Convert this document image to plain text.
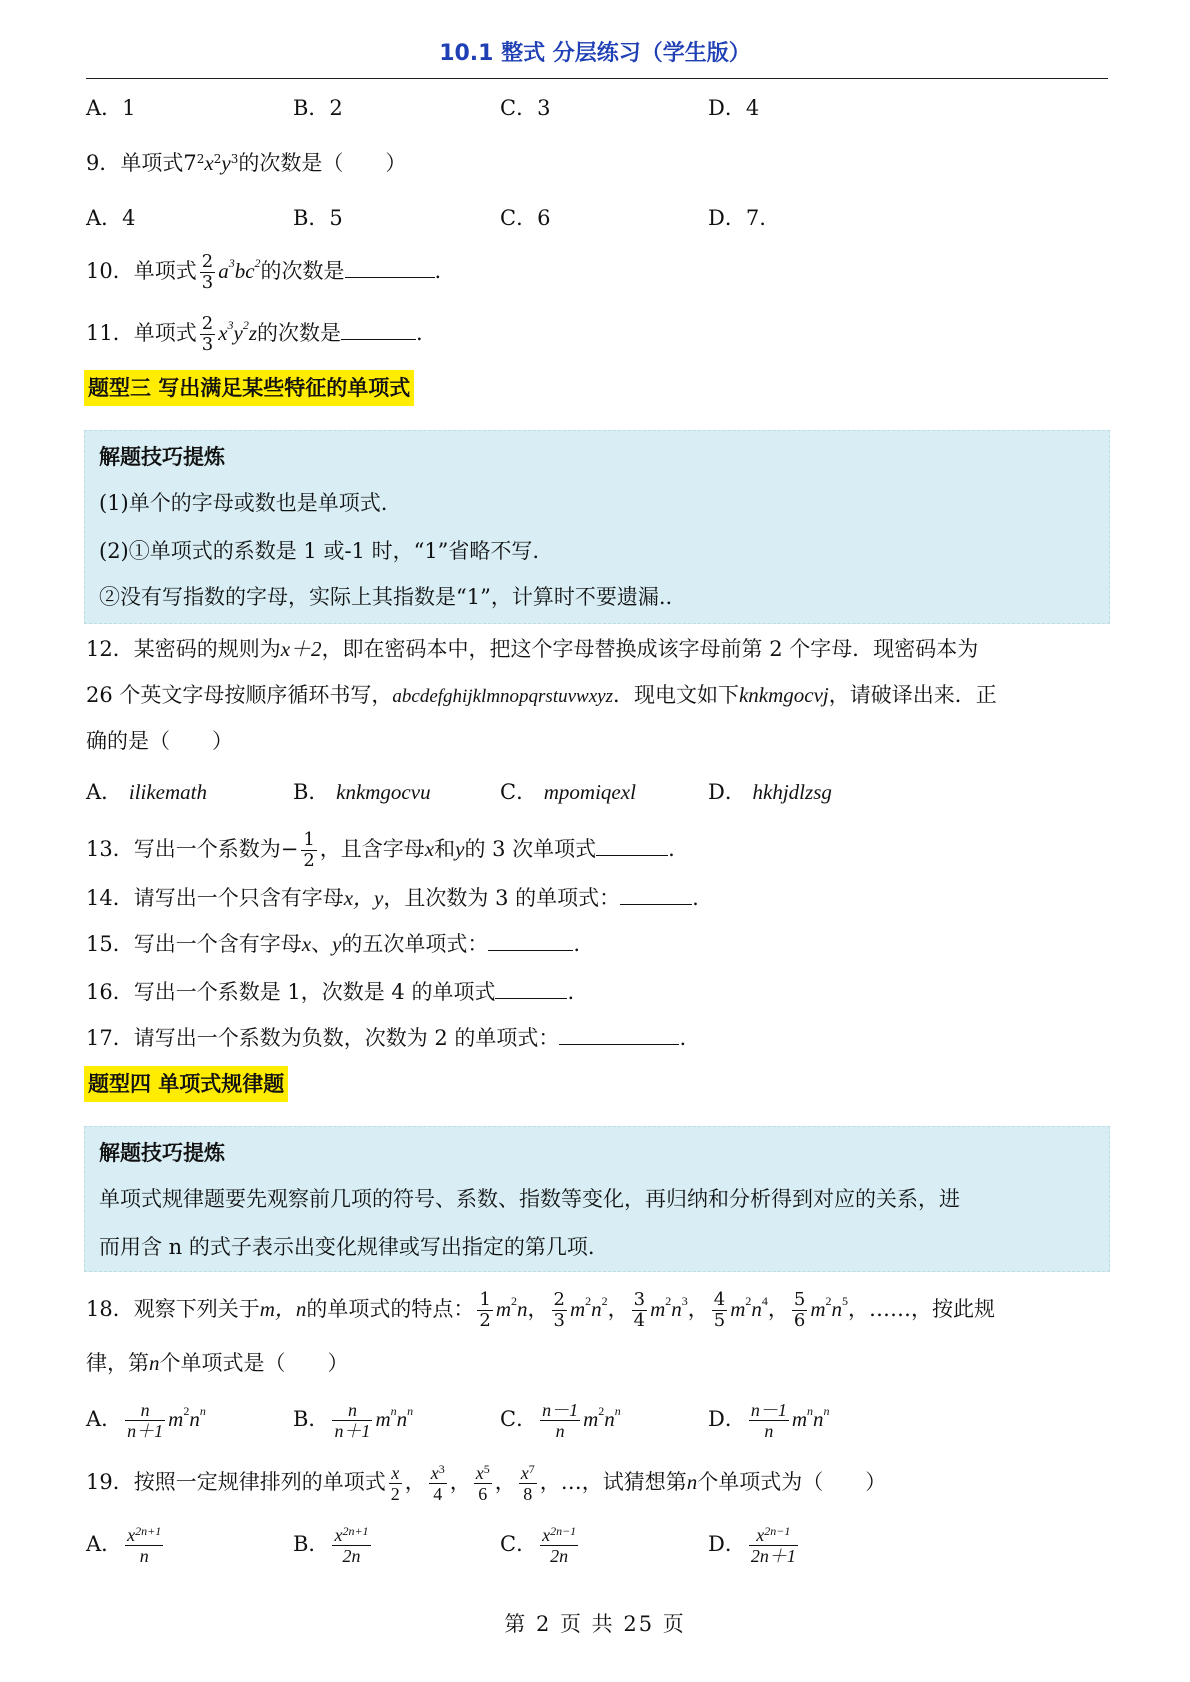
10.1 整式 分层练习（学生版）
A．1	B．2	C．3	D．4
9．单项式$7^2x^2y^3$的次数是（　　）
A．4	B．5	C．6	D．7.
10．单项式 $\frac{2}{3} a^3bc^2$的次数是	.
11．单项式 $\frac{2}{3} x^3y^2z$的次数是	.
题型三 写出满足某些特征的单项式
解题技巧提炼
(1)单个的字母或数也是单项式.
(2)①单项式的系数是 1 或-1 时，“1”省略不写.
②没有写指数的字母，实际上其指数是“1”，计算时不要遗漏..
12．某密码的规则为x＋2，即在密码本中，把这个字母替换成该字母前第 2 个字母．现密码本为
26 个英文字母按顺序循环书写，abcdefghijklmnopqrstuvwxyz．现电文如下knkmgocvj，请破译出来．正
确的是（　　）
A． ilikemath	B． knkmgocvu	C． mpomiqexl	D． hkhjdlzsg
13．写出一个系数为− $\frac{1}{2}$ ，且含字母x和y的 3 次单项式	.
14．请写出一个只含有字母x，y，且次数为 3 的单项式：	.
15．写出一个含有字母x、y的五次单项式：	.
16．写出一个系数是 1，次数是 4 的单项式	.
17．请写出一个系数为负数，次数为 2 的单项式：	.
题型四 单项式规律题
解题技巧提炼
单项式规律题要先观察前几项的符号、系数、指数等变化，再归纳和分析得到对应的关系，进
而用含 n 的式子表示出变化规律或写出指定的第几项.
18．观察下列关于m，n的单项式的特点： $\frac{1}{2} m^2n$， $\frac{2}{3} m^2n^2$， $\frac{3}{4} m^2n^3$， $\frac{4}{5} m^2n^4$， $\frac{5}{6} m^2n^5$，……，按此规
律，第n个单项式是（　　）
A． $\frac{n}{n+1} m^2n^n$	B． $\frac{n}{n+1} m^nn^n$	C． $\frac{n-1}{n} m^2n^n$	D． $\frac{n-1}{n} m^nn^n$
19．按照一定规律排列的单项式 $\frac{x}{2}$ ， $\frac{x^3}{4}$ ， $\frac{x^5}{6}$ ， $\frac{x^7}{8}$ ，…，试猜想第n个单项式为（　　）
A． $\frac{x^{2n+1}}{n}$	B． $\frac{x^{2n+1}}{2n}$	C． $\frac{x^{2n-1}}{2n}$	D． $\frac{x^{2n-1}}{2n+1}$
第 2 页 共 25 页
